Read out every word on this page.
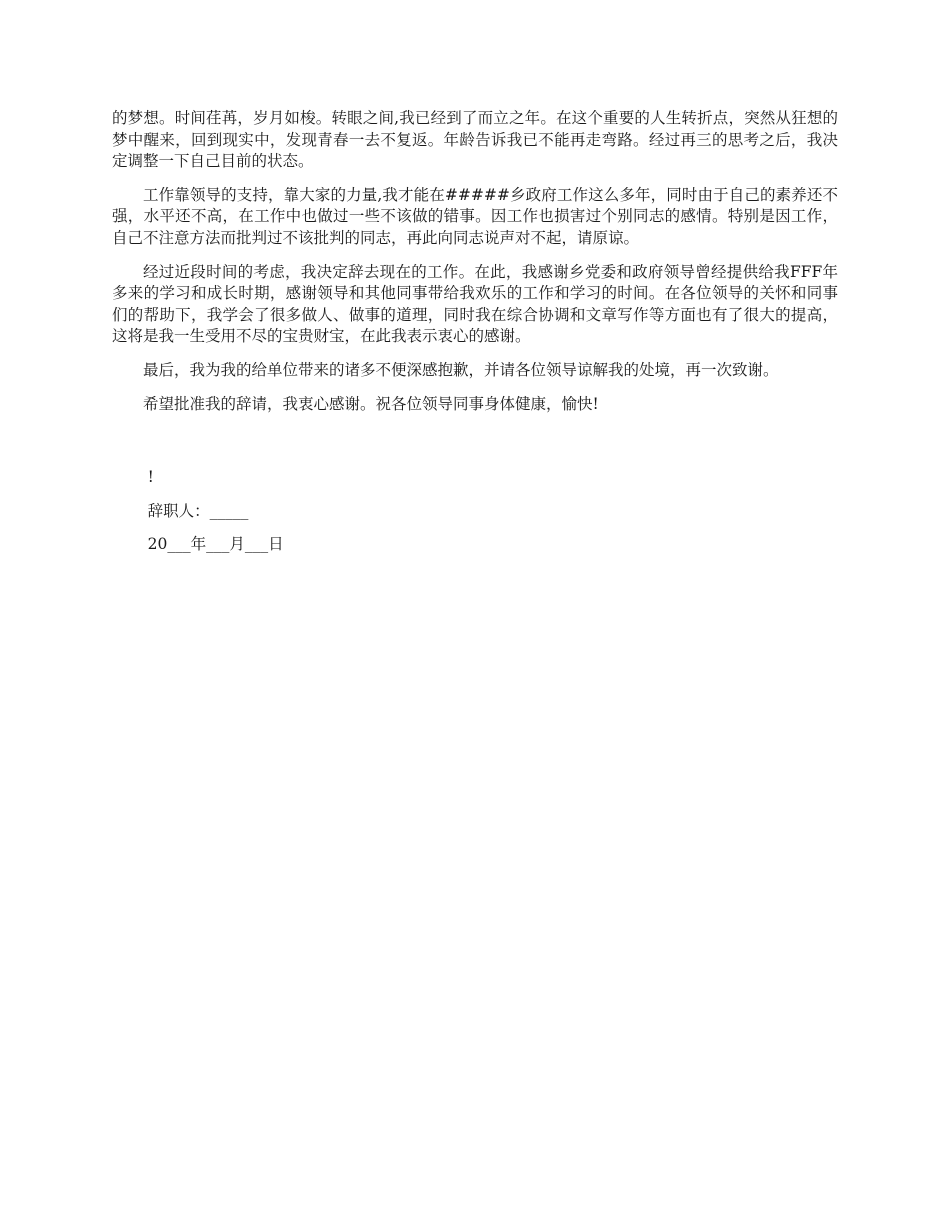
的梦想。时间荏苒，岁月如梭。转眼之间,我已经到了而立之年。在这个重要的人生转折点，突然从狂想的梦中醒来，回到现实中，发现青春一去不复返。年龄告诉我已不能再走弯路。经过再三的思考之后，我决定调整一下自己目前的状态。

工作靠领导的支持，靠大家的力量,我才能在#####乡政府工作这么多年，同时由于自己的素养还不强，水平还不高，在工作中也做过一些不该做的错事。因工作也损害过个别同志的感情。特别是因工作，自己不注意方法而批判过不该批判的同志，再此向同志说声对不起，请原谅。

经过近段时间的考虑，我决定辞去现在的工作。在此，我感谢乡党委和政府领导曾经提供给我FFF年多来的学习和成长时期，感谢领导和其他同事带给我欢乐的工作和学习的时间。在各位领导的关怀和同事们的帮助下，我学会了很多做人、做事的道理，同时我在综合协调和文章写作等方面也有了很大的提高，这将是我一生受用不尽的宝贵财宝，在此我表示衷心的感谢。

最后，我为我的给单位带来的诸多不便深感抱歉，并请各位领导谅解我的处境，再一次致谢。

希望批准我的辞请，我衷心感谢。祝各位领导同事身体健康，愉快!

!

辞职人：_____

20___年___月___日
